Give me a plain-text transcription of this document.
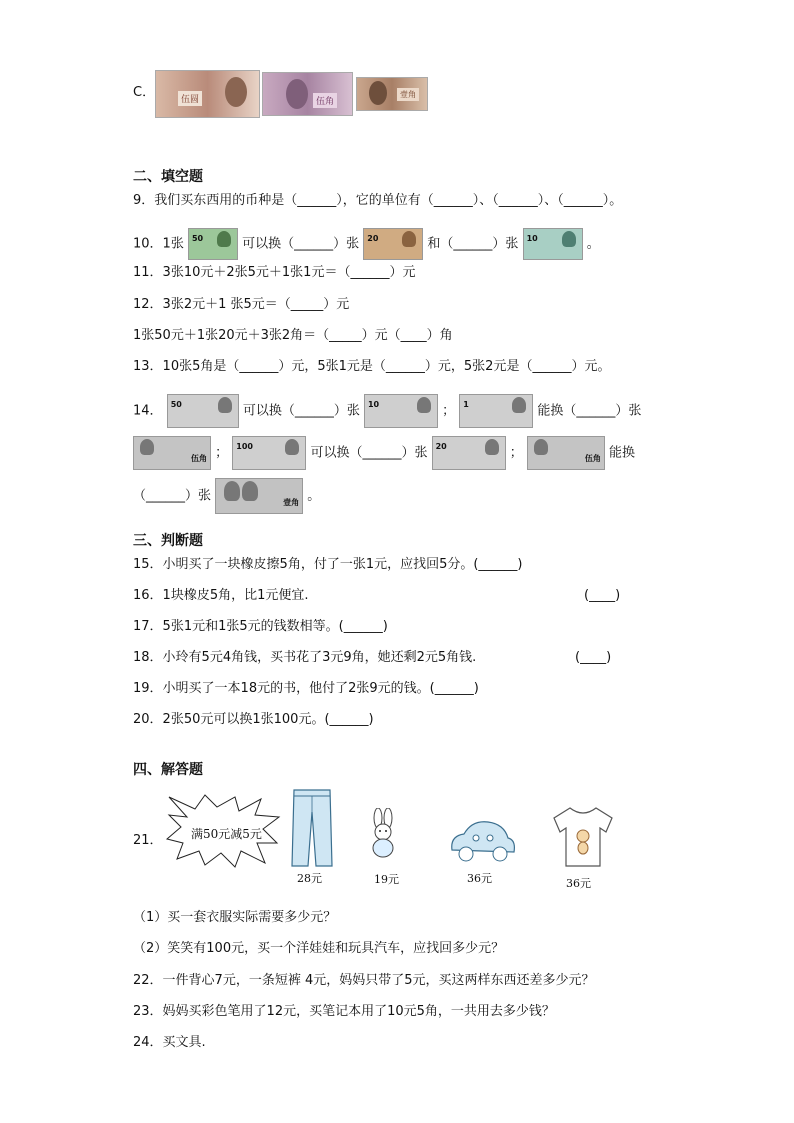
C．	伍圆	伍角
壹角
二、填空题
9．我们买东西用的币种是（______），它的单位有（______）、（______）、（______）。
10．1张 50	可以换（______）张 20	和（______）张 10	。
11．3张10元＋2张5元＋1张1元＝（______）元
12．3张2元＋1 张5元＝（_____）元
1张50元＋1张20元＋3张2角＝（_____）元（____）角
13．10张5角是（______）元，5张1元是（______）元，5张2元是（______）元。
14． 50	可以换（______）张 10	； 1	能换（______）张
伍角 ； 100	可以换（______）张 20	；	伍角 能换
（______）张	壹角 。
三、判断题
15．小明买了一块橡皮擦5角，付了一张1元，应找回5分。(______)
16．1块橡皮5角，比1元便宜.	(____)
17．5张1元和1张5元的钱数相等。(______)
18．小玲有5元4角钱，买书花了3元9角，她还剩2元5角钱.	(____)
19．小明买了一本18元的书，他付了2张9元的钱。(______)
20．2张50元可以换1张100元。(______)
四、解答题
21． 满50元减5元
28元	19元	36元	36元
（1）买一套衣服实际需要多少元？
（2）笑笑有100元，买一个洋娃娃和玩具汽车，应找回多少元？
22．一件背心7元，一条短裤 4元，妈妈只带了5元，买这两样东西还差多少元？
23．妈妈买彩色笔用了12元，买笔记本用了10元5角，一共用去多少钱？
24．买文具.
